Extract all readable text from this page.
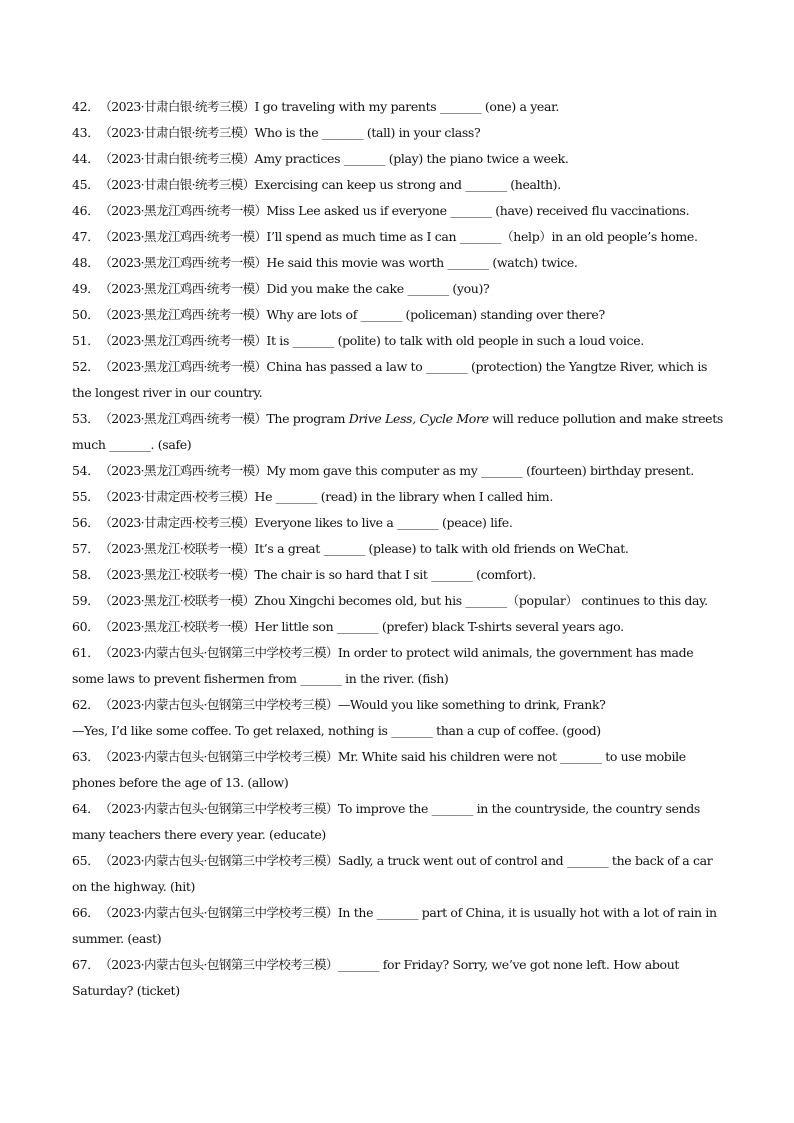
42．（2023·甘肃白银·统考三模）I go traveling with my parents _______ (one) a year.
43．（2023·甘肃白银·统考三模）Who is the _______ (tall) in your class?
44．（2023·甘肃白银·统考三模）Amy practices _______ (play) the piano twice a week.
45．（2023·甘肃白银·统考三模）Exercising can keep us strong and _______ (health).
46．（2023·黑龙江鸡西·统考一模）Miss Lee asked us if everyone _______ (have) received flu vaccinations.
47．（2023·黑龙江鸡西·统考一模）I’ll spend as much time as I can _______（help）in an old people’s home.
48．（2023·黑龙江鸡西·统考一模）He said this movie was worth _______ (watch) twice.
49．（2023·黑龙江鸡西·统考一模）Did you make the cake _______ (you)?
50．（2023·黑龙江鸡西·统考一模）Why are lots of _______ (policeman) standing over there?
51．（2023·黑龙江鸡西·统考一模）It is _______ (polite) to talk with old people in such a loud voice.
52．（2023·黑龙江鸡西·统考一模）China has passed a law to _______ (protection) the Yangtze River, which is the longest river in our country.
53．（2023·黑龙江鸡西·统考一模）The program Drive Less, Cycle More will reduce pollution and make streets much _______. (safe)
54．（2023·黑龙江鸡西·统考一模）My mom gave this computer as my _______ (fourteen) birthday present.
55．（2023·甘肃定西·校考三模）He _______ (read) in the library when I called him.
56．（2023·甘肃定西·校考三模）Everyone likes to live a _______ (peace) life.
57．（2023·黑龙江·校联考一模）It’s a great _______ (please) to talk with old friends on WeChat.
58．（2023·黑龙江·校联考一模）The chair is so hard that I sit _______ (comfort).
59．（2023·黑龙江·校联考一模）Zhou Xingchi becomes old, but his _______（popular） continues to this day.
60．（2023·黑龙江·校联考一模）Her little son _______ (prefer) black T-shirts several years ago.
61．（2023·内蒙古包头·包钢第三中学校考三模）In order to protect wild animals, the government has made some laws to prevent fishermen from _______ in the river. (fish)
62．（2023·内蒙古包头·包钢第三中学校考三模）—Would you like something to drink, Frank?
—Yes, I’d like some coffee. To get relaxed, nothing is _______ than a cup of coffee. (good)
63．（2023·内蒙古包头·包钢第三中学校考三模）Mr. White said his children were not _______ to use mobile phones before the age of 13. (allow)
64．（2023·内蒙古包头·包钢第三中学校考三模）To improve the _______ in the countryside, the country sends many teachers there every year. (educate)
65．（2023·内蒙古包头·包钢第三中学校考三模）Sadly, a truck went out of control and _______ the back of a car on the highway. (hit)
66．（2023·内蒙古包头·包钢第三中学校考三模）In the _______ part of China, it is usually hot with a lot of rain in summer. (east)
67．（2023·内蒙古包头·包钢第三中学校考三模）_______ for Friday? Sorry, we’ve got none left. How about Saturday? (ticket)
